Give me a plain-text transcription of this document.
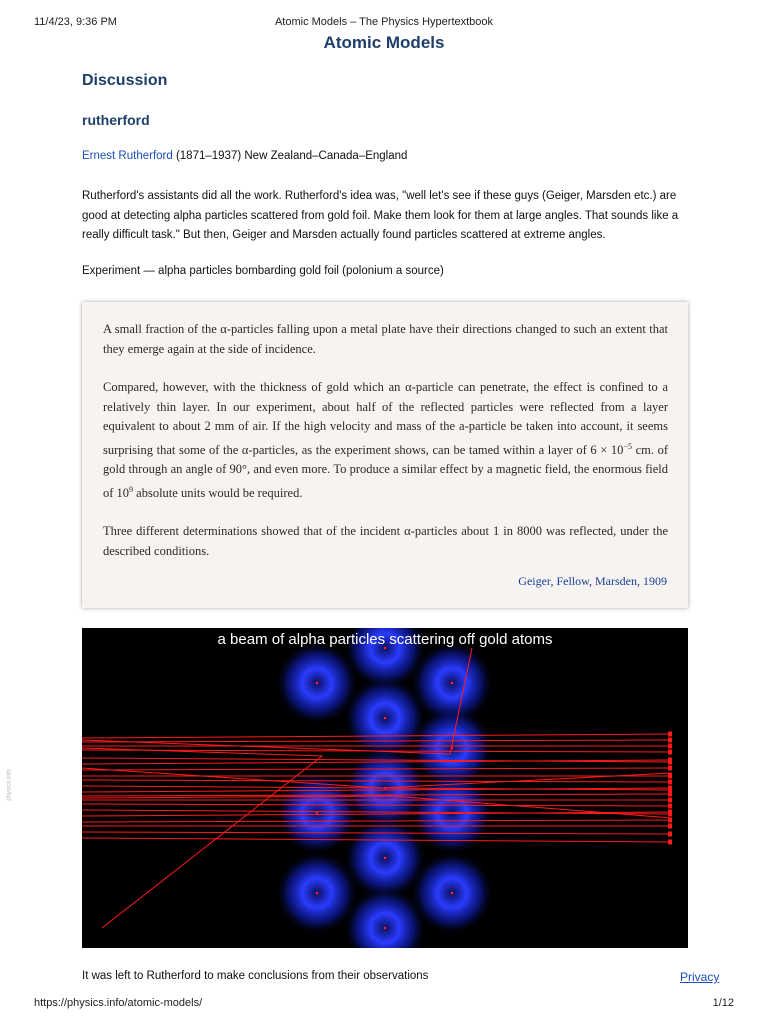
11/4/23, 9:36 PM	Atomic Models – The Physics Hypertextbook
Atomic Models
Discussion
rutherford
Ernest Rutherford (1871–1937) New Zealand–Canada–England
Rutherford's assistants did all the work. Rutherford's idea was, "well let's see if these guys (Geiger, Marsden etc.) are good at detecting alpha particles scattered from gold foil. Make them look for them at large angles. That sounds like a really difficult task." But then, Geiger and Marsden actually found particles scattered at extreme angles.
Experiment — alpha particles bombarding gold foil (polonium a source)

A small fraction of the α-particles falling upon a metal plate have their directions changed to such an extent that they emerge again at the side of incidence.

Compared, however, with the thickness of gold which an α-particle can penetrate, the effect is confined to a relatively thin layer. In our experiment, about half of the reflected particles were reflected from a layer equivalent to about 2 mm of air. If the high velocity and mass of the a-particle be taken into account, it seems surprising that some of the α-particles, as the experiment shows, can be tamed within a layer of $6 \times 10^{-5}$ cm. of gold through an angle of 90°, and even more. To produce a similar effect by a magnetic field, the enormous field of $10^9$ absolute units would be required.

Three different determinations showed that of the incident α-particles about 1 in 8000 was reflected, under the described conditions.

Geiger, Fellow, Marsden, 1909
a beam of alpha particles scattering off gold atoms
physics.info
It was left to Rutherford to make conclusions from their observations	Privacy
https://physics.info/atomic-models/	1/12
